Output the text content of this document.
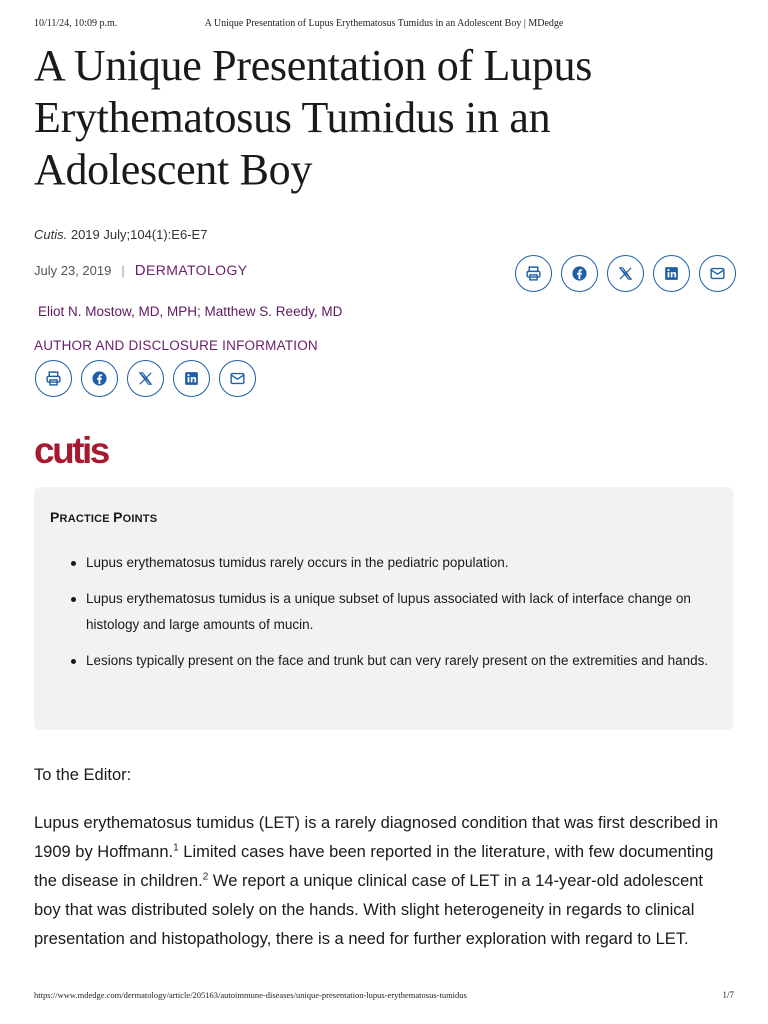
10/11/24, 10:09 p.m.	A Unique Presentation of Lupus Erythematosus Tumidus in an Adolescent Boy | MDedge
A Unique Presentation of Lupus Erythematosus Tumidus in an Adolescent Boy
Cutis. 2019 July;104(1):E6-E7
July 23, 2019 | DERMATOLOGY
Eliot N. Mostow, MD, MPH; Matthew S. Reedy, MD
AUTHOR AND DISCLOSURE INFORMATION
cutis
PRACTICE POINTS
Lupus erythematosus tumidus rarely occurs in the pediatric population.
Lupus erythematosus tumidus is a unique subset of lupus associated with lack of interface change on histology and large amounts of mucin.
Lesions typically present on the face and trunk but can very rarely present on the extremities and hands.
To the Editor:

Lupus erythematosus tumidus (LET) is a rarely diagnosed condition that was first described in 1909 by Hoffmann.$^1$ Limited cases have been reported in the literature, with few documenting the disease in children.$^2$ We report a unique clinical case of LET in a 14-year-old adolescent boy that was distributed solely on the hands. With slight heterogeneity in regards to clinical presentation and histopathology, there is a need for further exploration with regard to LET.

https://www.mdedge.com/dermatology/article/205163/autoimmune-diseases/unique-presentation-lupus-erythematosus-tumidus	1/7
